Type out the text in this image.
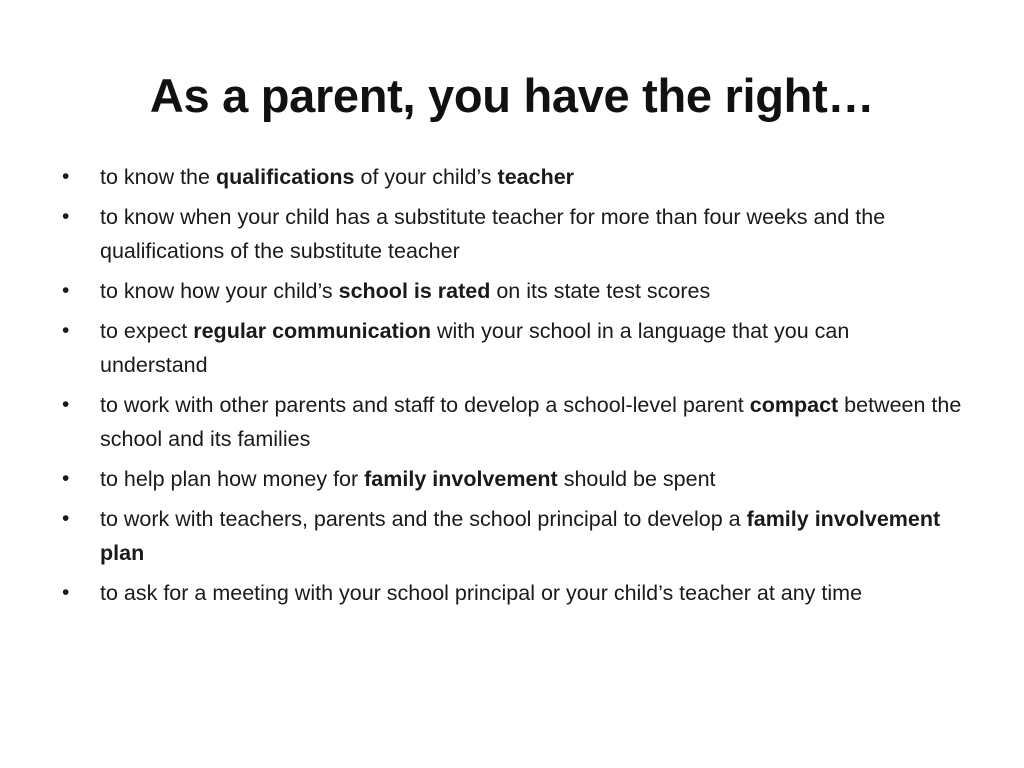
As a parent, you have the right…
• to know the qualifications of your child’s teacher
• to know when your child has a substitute teacher for more than four weeks and the qualifications of the substitute teacher
• to know how your child’s school is rated on its state test scores
• to expect regular communication with your school in a language that you can understand
• to work with other parents and staff to develop a school-level parent compact between the school and its families
• to help plan how money for family involvement should be spent
• to work with teachers, parents and the school principal to develop a family involvement plan
• to ask for a meeting with your school principal or your child’s teacher at any time
